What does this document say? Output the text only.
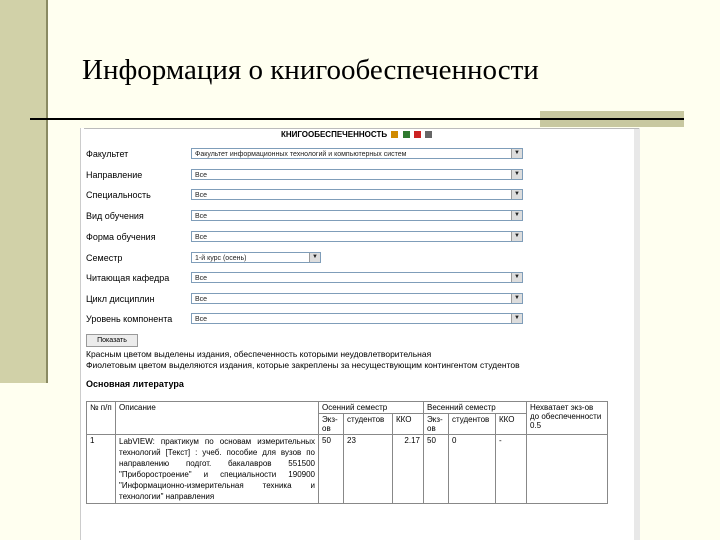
Информация о книгообеспеченности
КНИГООБЕСПЕЧЕННОСТЬ
Факультет	Факультет информационных технологий и компьютерных систем	▼
Направление	Все	▼
Специальность	Все	▼
Вид обучения	Все	▼
Форма обучения	Все	▼
Семестр	1-й курс (осень)	▼
Читающая кафедра	Все	▼
Цикл дисциплин	Все	▼
Уровень компонента	Все	▼
Показать
Красным цветом выделены издания, обеспеченность которыми неудовлетворительная
Фиолетовым цветом выделяются издания, которые закреплены за несуществующим контингентом студентов
Основная литература
№ п/п	Описание	Осенний семестр			Весенний семестр			Нехватает экз-ов до обеспеченности 0.5
		Экз-ов	студентов	ККО	Экз-ов	студентов	ККО	
1	LabVIEW: практикум по основам измерительных технологий [Текст] : учеб. пособие для вузов по направлению подгот. бакалавров 551500 "Приборостроение" и специальности 190900 "Информационно-измерительная техника и технологии" направления	50	23	2.17	50	0	-	
